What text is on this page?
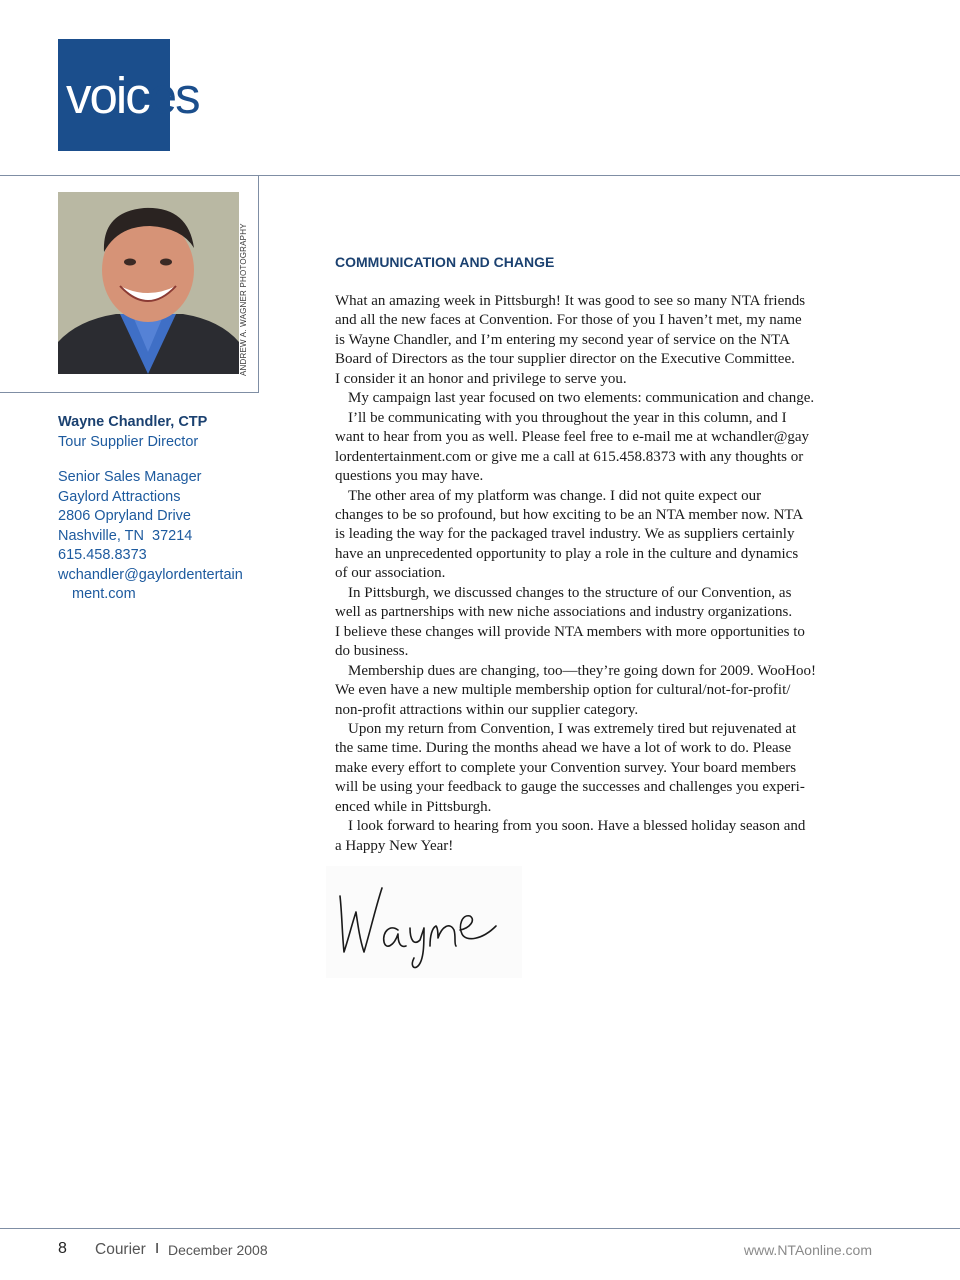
voices
ANDREW A. WAGNER PHOTOGRAPHY
Wayne Chandler, CTP
Tour Supplier Director
Senior Sales Manager
Gaylord Attractions
2806 Opryland Drive
Nashville, TN  37214
615.458.8373
wchandler@gaylordentertain
ment.com
COMMUNICATION AND CHANGE
What an amazing week in Pittsburgh! It was good to see so many NTA friends
and all the new faces at Convention. For those of you I haven’t met, my name
is Wayne Chandler, and I’m entering my second year of service on the NTA
Board of Directors as the tour supplier director on the Executive Committee.
I consider it an honor and privilege to serve you.
My campaign last year focused on two elements: communication and change.
I’ll be communicating with you throughout the year in this column, and I
want to hear from you as well. Please feel free to e-mail me at wchandler@gay
lordentertainment.com or give me a call at 615.458.8373 with any thoughts or
questions you may have.
The other area of my platform was change. I did not quite expect our
changes to be so profound, but how exciting to be an NTA member now. NTA
is leading the way for the packaged travel industry. We as suppliers certainly
have an unprecedented opportunity to play a role in the culture and dynamics
of our association.
In Pittsburgh, we discussed changes to the structure of our Convention, as
well as partnerships with new niche associations and industry organizations.
I believe these changes will provide NTA members with more opportunities to
do business.
Membership dues are changing, too—they’re going down for 2009. WooHoo!
We even have a new multiple membership option for cultural/not-for-profit/
non-profit attractions within our supplier category.
Upon my return from Convention, I was extremely tired but rejuvenated at
the same time. During the months ahead we have a lot of work to do. Please
make every effort to complete your Convention survey. Your board members
will be using your feedback to gauge the successes and challenges you experi-
enced while in Pittsburgh.
I look forward to hearing from you soon. Have a blessed holiday season and
a Happy New Year!
8 Courier I December 2008	www.NTAonline.com
